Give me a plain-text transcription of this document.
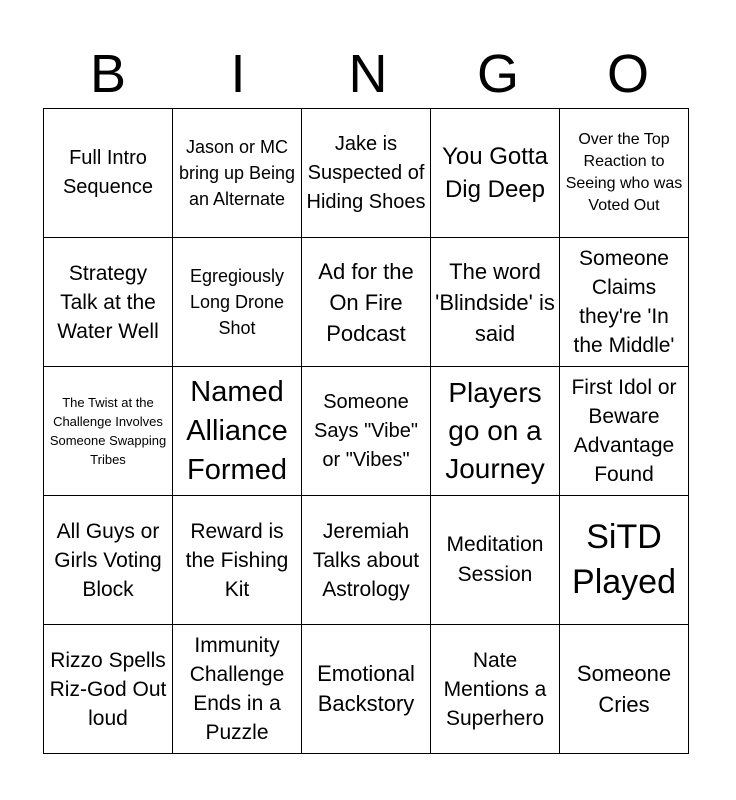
B	I	N	G	O
Full Intro Sequence	Jason or MC bring up Being an Alternate	Jake is Suspected of Hiding Shoes	You Gotta Dig Deep	Over the Top Reaction to Seeing who was Voted Out

Strategy Talk at the Water Well	Egregiously Long Drone Shot	Ad for the On Fire Podcast	The word 'Blindside' is said	Someone Claims they're 'In the Middle'

The Twist at the Challenge Involves Someone Swapping Tribes	Named Alliance Formed	Someone Says "Vibe" or "Vibes"	Players go on a Journey	First Idol or Beware Advantage Found

All Guys or Girls Voting Block	Reward is the Fishing Kit	Jeremiah Talks about Astrology	Meditation Session	SiTD Played

Rizzo Spells Riz-God Out loud	Immunity Challenge Ends in a Puzzle	Emotional Backstory	Nate Mentions a Superhero	Someone Cries
